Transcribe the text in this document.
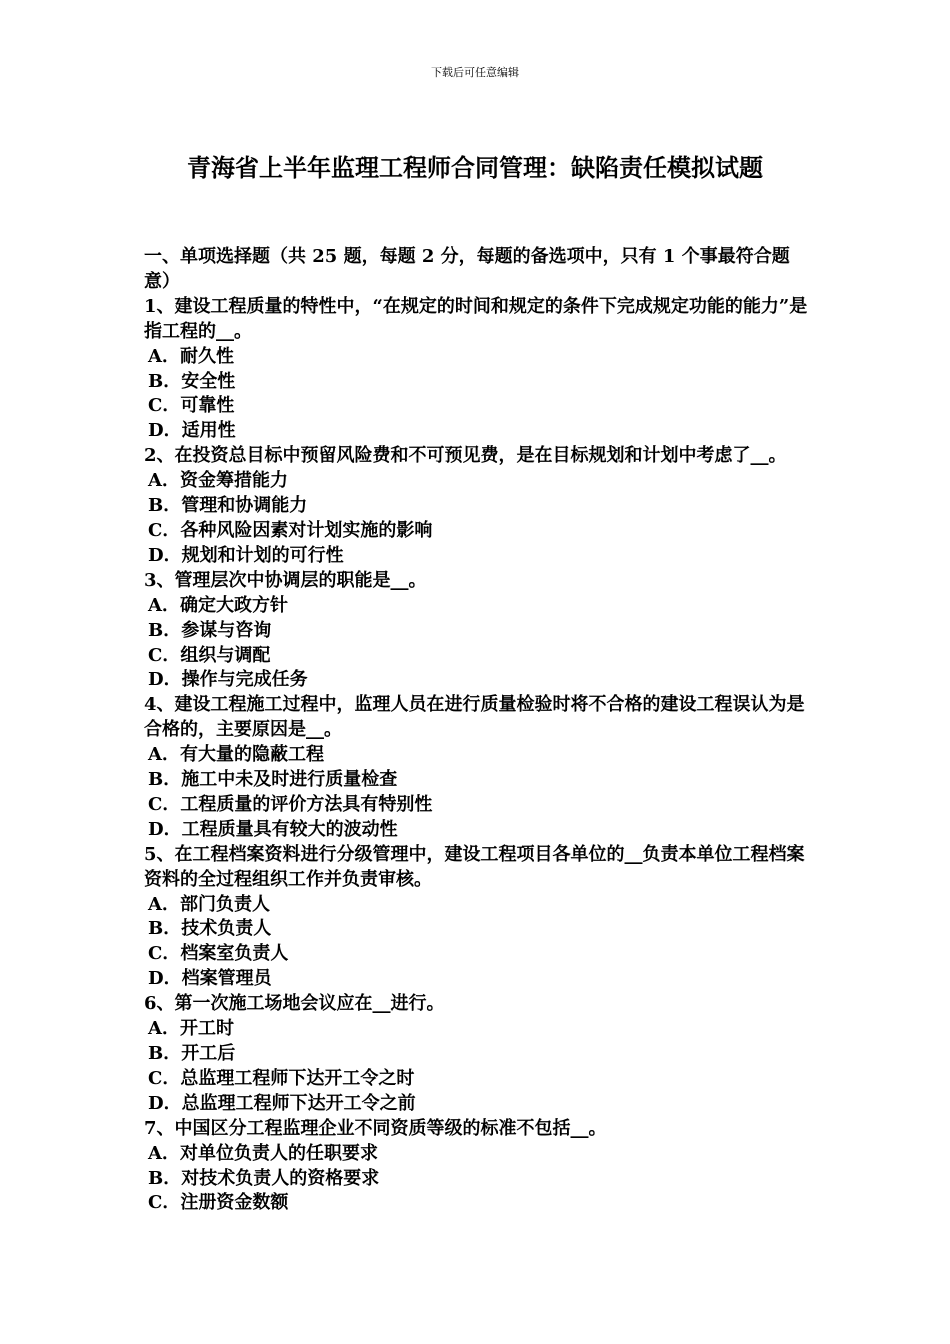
下载后可任意编辑
青海省上半年监理工程师合同管理：缺陷责任模拟试题

一、单项选择题（共 25 题，每题 2 分，每题的备选项中，只有 1 个事最符合题意）

1、建设工程质量的特性中，“在规定的时间和规定的条件下完成规定功能的能力”是指工程的__。

A．耐久性
B．安全性
C．可靠性
D．适用性

2、在投资总目标中预留风险费和不可预见费，是在目标规划和计划中考虑了__。

A．资金筹措能力
B．管理和协调能力
C．各种风险因素对计划实施的影响
D．规划和计划的可行性

3、管理层次中协调层的职能是__。

A．确定大政方针
B．参谋与咨询
C．组织与调配
D．操作与完成任务

4、建设工程施工过程中，监理人员在进行质量检验时将不合格的建设工程误认为是合格的，主要原因是__。

A．有大量的隐蔽工程
B．施工中未及时进行质量检查
C．工程质量的评价方法具有特别性
D．工程质量具有较大的波动性

5、在工程档案资料进行分级管理中，建设工程项目各单位的__负责本单位工程档案资料的全过程组织工作并负责审核。

A．部门负责人
B．技术负责人
C．档案室负责人
D．档案管理员

6、第一次施工场地会议应在__进行。

A．开工时
B．开工后
C．总监理工程师下达开工令之时
D．总监理工程师下达开工令之前

7、中国区分工程监理企业不同资质等级的标准不包括__。

A．对单位负责人的任职要求
B．对技术负责人的资格要求
C．注册资金数额
